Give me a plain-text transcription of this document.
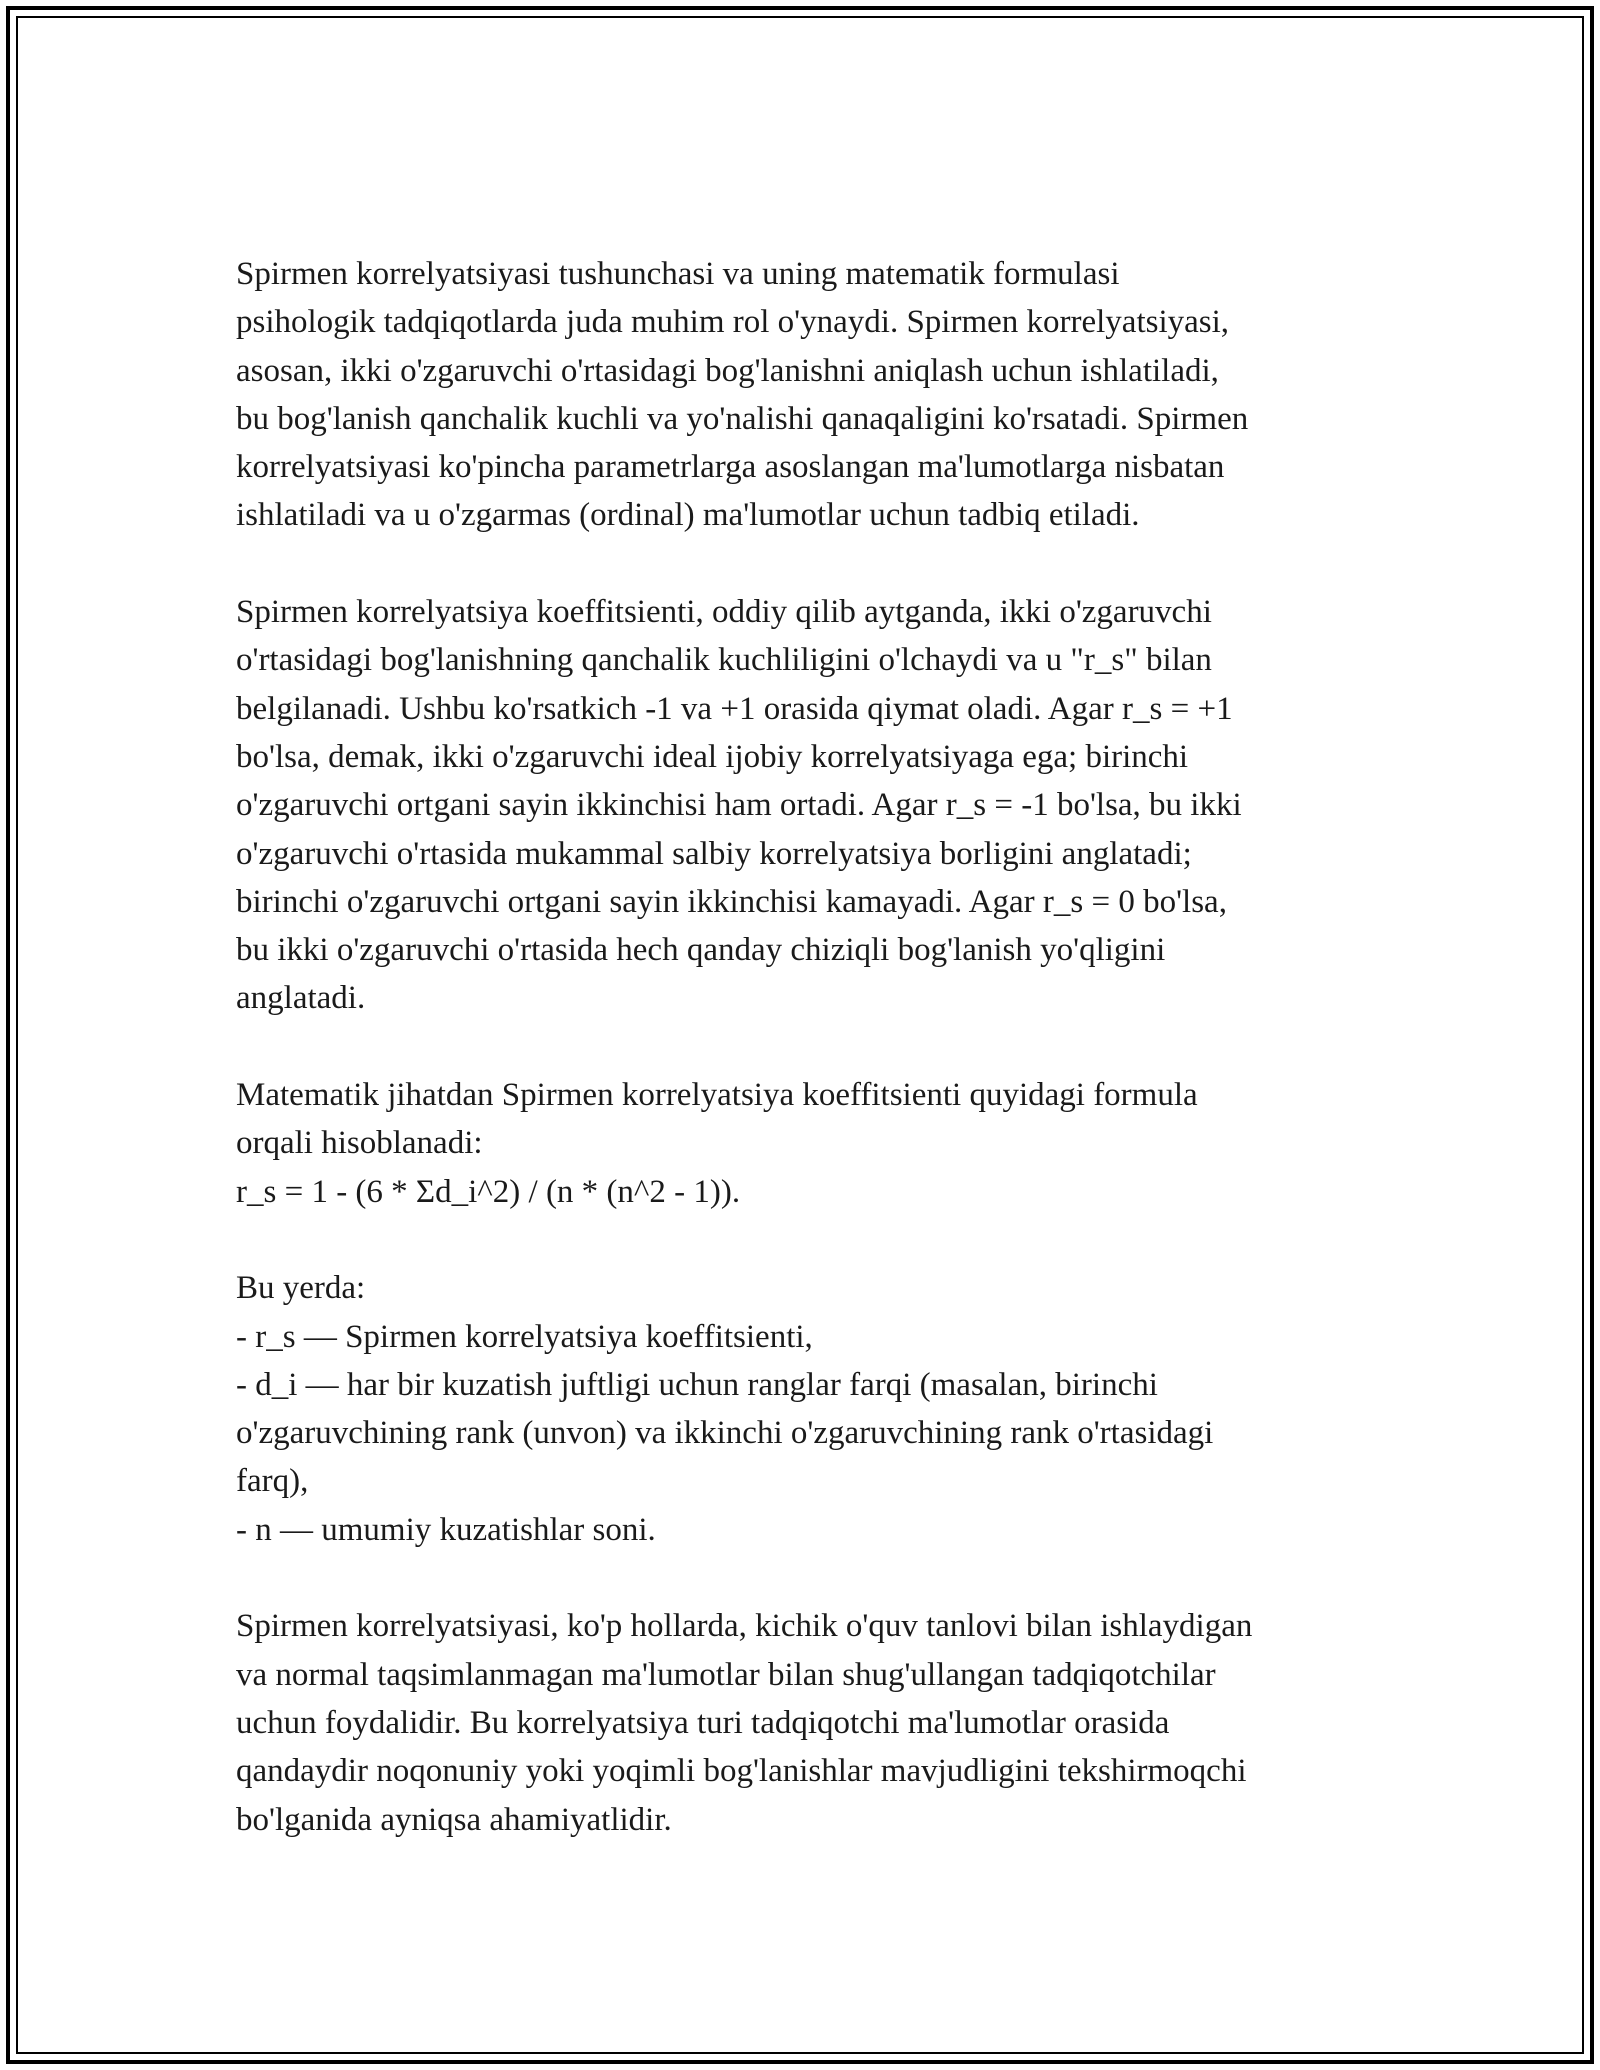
Spirmen korrelyatsiyasi tushunchasi va uning matematik formulasi
psihologik tadqiqotlarda juda muhim rol o'ynaydi. Spirmen korrelyatsiyasi,
asosan, ikki o'zgaruvchi o'rtasidagi bog'lanishni aniqlash uchun ishlatiladi,
bu bog'lanish qanchalik kuchli va yo'nalishi qanaqaligini ko'rsatadi. Spirmen
korrelyatsiyasi ko'pincha parametrlarga asoslangan ma'lumotlarga nisbatan
ishlatiladi va u o'zgarmas (ordinal) ma'lumotlar uchun tadbiq etiladi.

Spirmen korrelyatsiya koeffitsienti, oddiy qilib aytganda, ikki o'zgaruvchi
o'rtasidagi bog'lanishning qanchalik kuchliligini o'lchaydi va u "r_s" bilan
belgilanadi. Ushbu ko'rsatkich -1 va +1 orasida qiymat oladi. Agar r_s = +1
bo'lsa, demak, ikki o'zgaruvchi ideal ijobiy korrelyatsiyaga ega; birinchi
o'zgaruvchi ortgani sayin ikkinchisi ham ortadi. Agar r_s = -1 bo'lsa, bu ikki
o'zgaruvchi o'rtasida mukammal salbiy korrelyatsiya borligini anglatadi;
birinchi o'zgaruvchi ortgani sayin ikkinchisi kamayadi. Agar r_s = 0 bo'lsa,
bu ikki o'zgaruvchi o'rtasida hech qanday chiziqli bog'lanish yo'qligini
anglatadi.

Matematik jihatdan Spirmen korrelyatsiya koeffitsienti quyidagi formula
orqali hisoblanadi:
r_s = 1 - (6 * Σd_i^2) / (n * (n^2 - 1)).

Bu yerda:
- r_s — Spirmen korrelyatsiya koeffitsienti,
- d_i — har bir kuzatish juftligi uchun ranglar farqi (masalan, birinchi
o'zgaruvchining rank (unvon) va ikkinchi o'zgaruvchining rank o'rtasidagi
farq),
- n — umumiy kuzatishlar soni.

Spirmen korrelyatsiyasi, ko'p hollarda, kichik o'quv tanlovi bilan ishlaydigan
va normal taqsimlanmagan ma'lumotlar bilan shug'ullangan tadqiqotchilar
uchun foydalidir. Bu korrelyatsiya turi tadqiqotchi ma'lumotlar orasida
qandaydir noqonuniy yoki yoqimli bog'lanishlar mavjudligini tekshirmoqchi
bo'lganida ayniqsa ahamiyatlidir.
